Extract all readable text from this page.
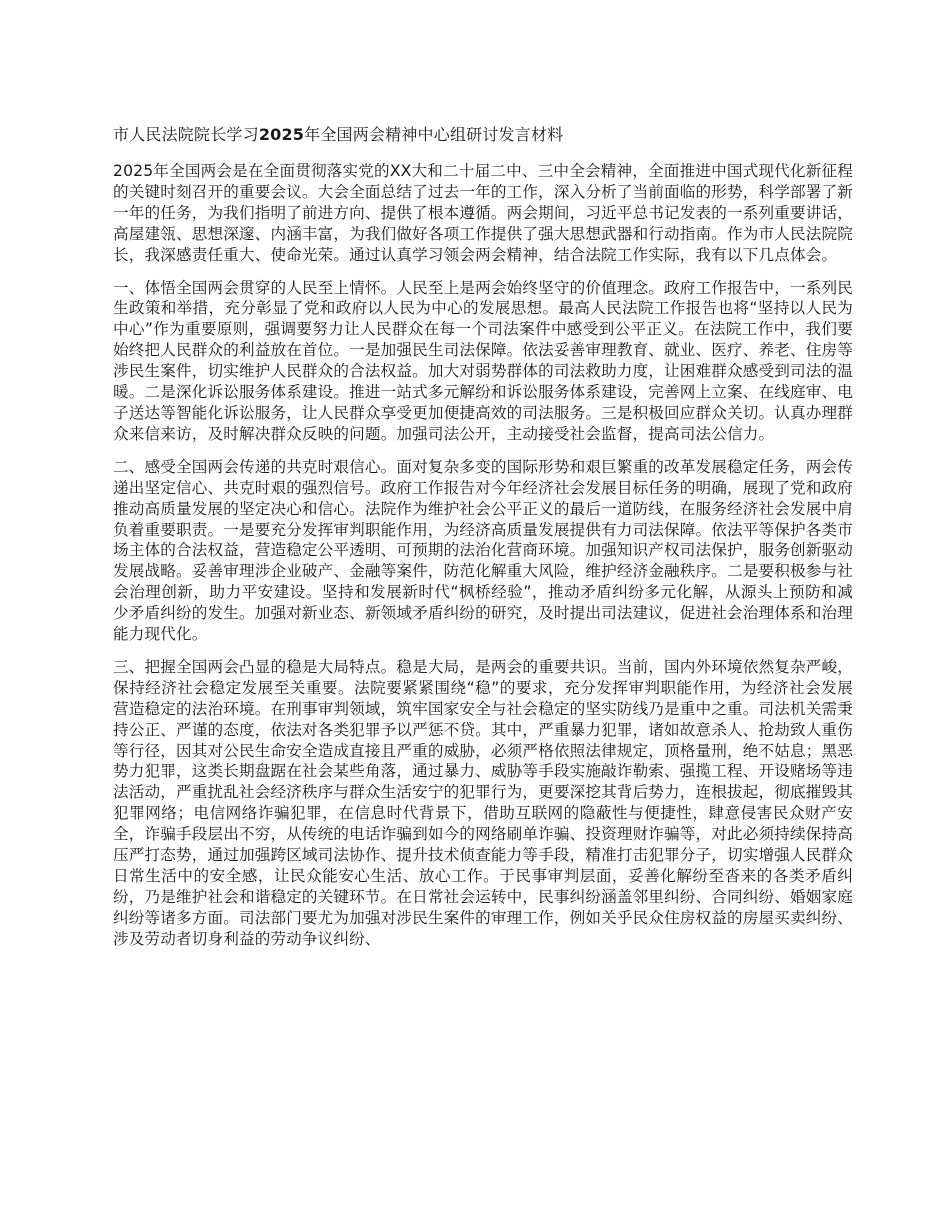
市人民法院院长学习2025年全国两会精神中心组研讨发言材料

2025年全国两会是在全面贯彻落实党的XX大和二十届二中、三中全会精神，全面推进中国式现代化新征程的关键时刻召开的重要会议。大会全面总结了过去一年的工作，深入分析了当前面临的形势，科学部署了新一年的任务，为我们指明了前进方向、提供了根本遵循。两会期间，习近平总书记发表的一系列重要讲话，高屋建瓴、思想深邃、内涵丰富，为我们做好各项工作提供了强大思想武器和行动指南。作为市人民法院院长，我深感责任重大、使命光荣。通过认真学习领会两会精神，结合法院工作实际，我有以下几点体会。

一、体悟全国两会贯穿的人民至上情怀。人民至上是两会始终坚守的价值理念。政府工作报告中，一系列民生政策和举措，充分彰显了党和政府以人民为中心的发展思想。最高人民法院工作报告也将“坚持以人民为中心”作为重要原则，强调要努力让人民群众在每一个司法案件中感受到公平正义。在法院工作中，我们要始终把人民群众的利益放在首位。一是加强民生司法保障。依法妥善审理教育、就业、医疗、养老、住房等涉民生案件，切实维护人民群众的合法权益。加大对弱势群体的司法救助力度，让困难群众感受到司法的温暖。二是深化诉讼服务体系建设。推进一站式多元解纷和诉讼服务体系建设，完善网上立案、在线庭审、电子送达等智能化诉讼服务，让人民群众享受更加便捷高效的司法服务。三是积极回应群众关切。认真办理群众来信来访，及时解决群众反映的问题。加强司法公开，主动接受社会监督，提高司法公信力。

二、感受全国两会传递的共克时艰信心。面对复杂多变的国际形势和艰巨繁重的改革发展稳定任务，两会传递出坚定信心、共克时艰的强烈信号。政府工作报告对今年经济社会发展目标任务的明确，展现了党和政府推动高质量发展的坚定决心和信心。法院作为维护社会公平正义的最后一道防线，在服务经济社会发展中肩负着重要职责。一是要充分发挥审判职能作用，为经济高质量发展提供有力司法保障。依法平等保护各类市场主体的合法权益，营造稳定公平透明、可预期的法治化营商环境。加强知识产权司法保护，服务创新驱动发展战略。妥善审理涉企业破产、金融等案件，防范化解重大风险，维护经济金融秩序。二是要积极参与社会治理创新，助力平安建设。坚持和发展新时代“枫桥经验”，推动矛盾纠纷多元化解，从源头上预防和减少矛盾纠纷的发生。加强对新业态、新领域矛盾纠纷的研究，及时提出司法建议，促进社会治理体系和治理能力现代化。

三、把握全国两会凸显的稳是大局特点。稳是大局，是两会的重要共识。当前，国内外环境依然复杂严峻，保持经济社会稳定发展至关重要。法院要紧紧围绕“稳”的要求，充分发挥审判职能作用，为经济社会发展营造稳定的法治环境。在刑事审判领域，筑牢国家安全与社会稳定的坚实防线乃是重中之重。司法机关需秉持公正、严谨的态度，依法对各类犯罪予以严惩不贷。其中，严重暴力犯罪，诸如故意杀人、抢劫致人重伤等行径，因其对公民生命安全造成直接且严重的威胁，必须严格依照法律规定，顶格量刑，绝不姑息；黑恶势力犯罪，这类长期盘踞在社会某些角落，通过暴力、威胁等手段实施敲诈勒索、强揽工程、开设赌场等违法活动，严重扰乱社会经济秩序与群众生活安宁的犯罪行为，更要深挖其背后势力，连根拔起，彻底摧毁其犯罪网络；电信网络诈骗犯罪，在信息时代背景下，借助互联网的隐蔽性与便捷性，肆意侵害民众财产安全，诈骗手段层出不穷，从传统的电话诈骗到如今的网络刷单诈骗、投资理财诈骗等，对此必须持续保持高压严打态势，通过加强跨区域司法协作、提升技术侦查能力等手段，精准打击犯罪分子，切实增强人民群众日常生活中的安全感，让民众能安心生活、放心工作。于民事审判层面，妥善化解纷至沓来的各类矛盾纠纷，乃是维护社会和谐稳定的关键环节。在日常社会运转中，民事纠纷涵盖邻里纠纷、合同纠纷、婚姻家庭纠纷等诸多方面。司法部门要尤为加强对涉民生案件的审理工作，例如关乎民众住房权益的房屋买卖纠纷、涉及劳动者切身利益的劳动争议纠纷、
